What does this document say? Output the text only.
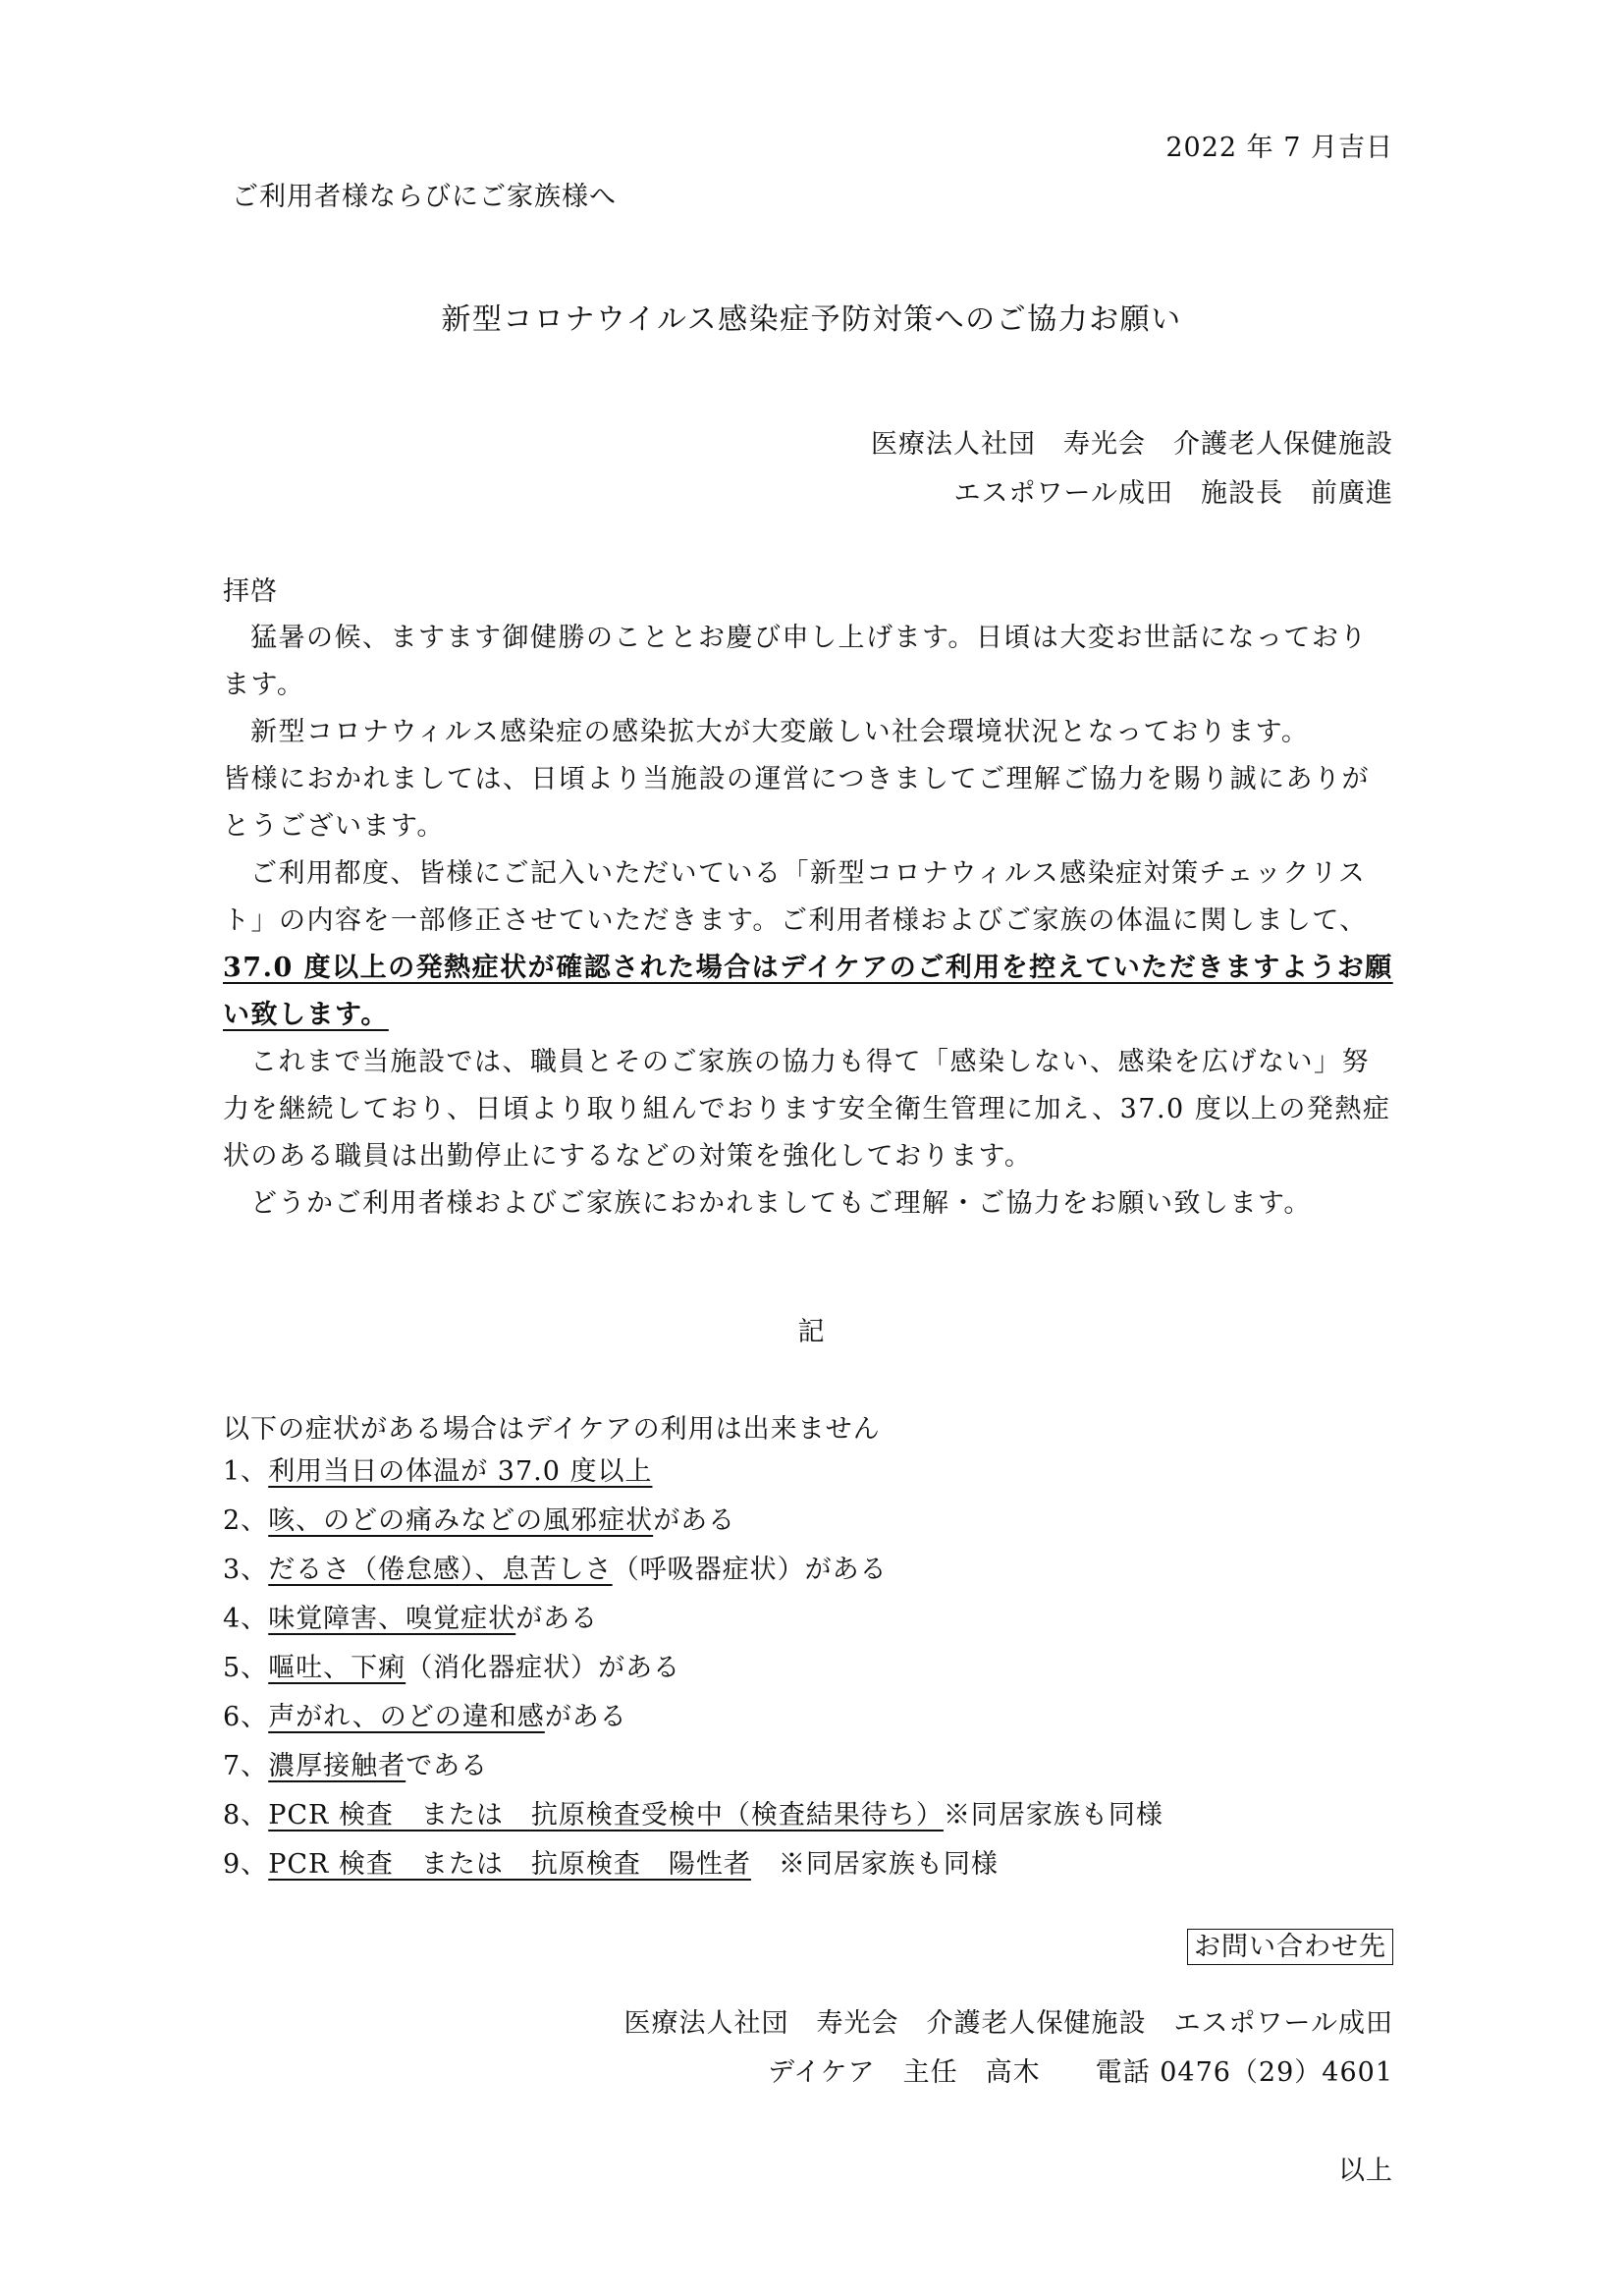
2022 年 7 月吉日
ご利用者様ならびにご家族様へ
新型コロナウイルス感染症予防対策へのご協力お願い
医療法人社団　寿光会　介護老人保健施設
エスポワール成田　施設長　前廣進
拝啓

猛暑の候、ますます御健勝のこととお慶び申し上げます。日頃は大変お世話になっております。

新型コロナウィルス感染症の感染拡大が大変厳しい社会環境状況となっております。

皆様におかれましては、日頃より当施設の運営につきましてご理解ご協力を賜り誠にありがとうございます。

ご利用都度、皆様にご記入いただいている「新型コロナウィルス感染症対策チェックリスト」の内容を一部修正させていただきます。ご利用者様およびご家族の体温に関しまして、37.0 度以上の発熱症状が確認された場合はデイケアのご利用を控えていただきますようお願い致します。

これまで当施設では、職員とそのご家族の協力も得て「感染しない、感染を広げない」努力を継続しており、日頃より取り組んでおります安全衛生管理に加え、37.0 度以上の発熱症状のある職員は出勤停止にするなどの対策を強化しております。

どうかご利用者様およびご家族におかれましてもご理解・ご協力をお願い致します。

記
以下の症状がある場合はデイケアの利用は出来ません
1、利用当日の体温が 37.0 度以上
2、咳、のどの痛みなどの風邪症状がある
3、だるさ（倦怠感）、息苦しさ（呼吸器症状）がある
4、味覚障害、嗅覚症状がある
5、嘔吐、下痢（消化器症状）がある
6、声がれ、のどの違和感がある
7、濃厚接触者である
8、PCR 検査　または　抗原検査受検中（検査結果待ち）※同居家族も同様
9、PCR 検査　または　抗原検査　陽性者　※同居家族も同様
お問い合わせ先
医療法人社団　寿光会　介護老人保健施設　エスポワール成田
デイケア　主任　高木　　電話 0476（29）4601
以上
